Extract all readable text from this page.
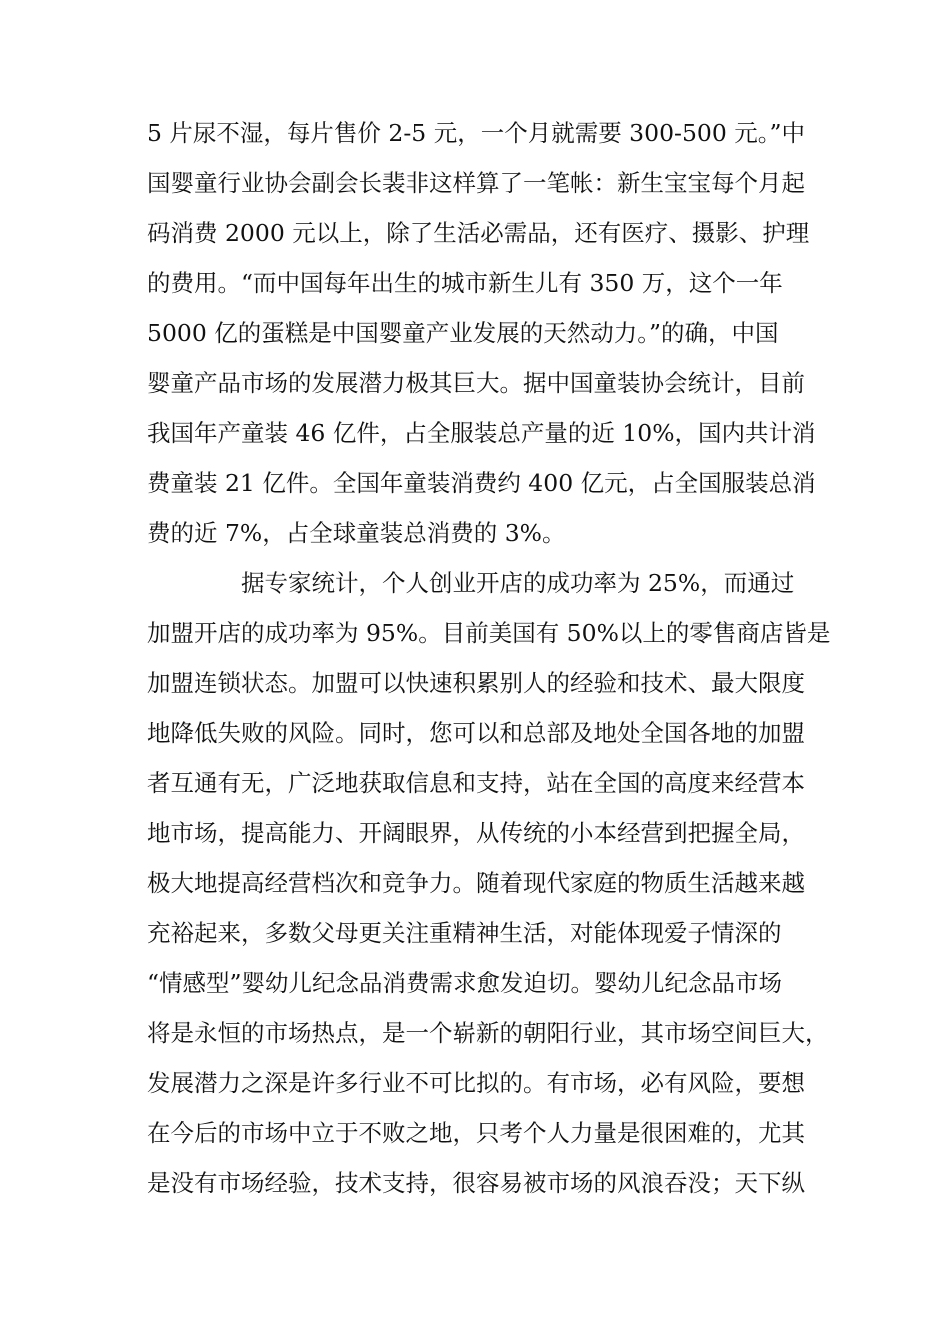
5 片尿不湿，每片售价 2-5 元，一个月就需要 300-500 元。”中
国婴童行业协会副会长裴非这样算了一笔帐：新生宝宝每个月起
码消费 2000 元以上，除了生活必需品，还有医疗、摄影、护理
的费用。“而中国每年出生的城市新生儿有 350 万，这个一年
5000 亿的蛋糕是中国婴童产业发展的天然动力。”的确，中国
婴童产品市场的发展潜力极其巨大。据中国童装协会统计，目前
我国年产童装 46 亿件，占全服装总产量的近 10%，国内共计消
费童装 21 亿件。全国年童装消费约 400 亿元，占全国服装总消
费的近 7%，占全球童装总消费的 3%。
据专家统计，个人创业开店的成功率为 25%，而通过
加盟开店的成功率为 95%。目前美国有 50%以上的零售商店皆是
加盟连锁状态。加盟可以快速积累别人的经验和技术、最大限度
地降低失败的风险。同时，您可以和总部及地处全国各地的加盟
者互通有无，广泛地获取信息和支持，站在全国的高度来经营本
地市场，提高能力、开阔眼界，从传统的小本经营到把握全局，
极大地提高经营档次和竞争力。随着现代家庭的物质生活越来越
充裕起来，多数父母更关注重精神生活，对能体现爱子情深的
“情感型”婴幼儿纪念品消费需求愈发迫切。婴幼儿纪念品市场
将是永恒的市场热点，是一个崭新的朝阳行业，其市场空间巨大，
发展潜力之深是许多行业不可比拟的。有市场，必有风险，要想
在今后的市场中立于不败之地，只考个人力量是很困难的，尤其
是没有市场经验，技术支持，很容易被市场的风浪吞没；天下纵
